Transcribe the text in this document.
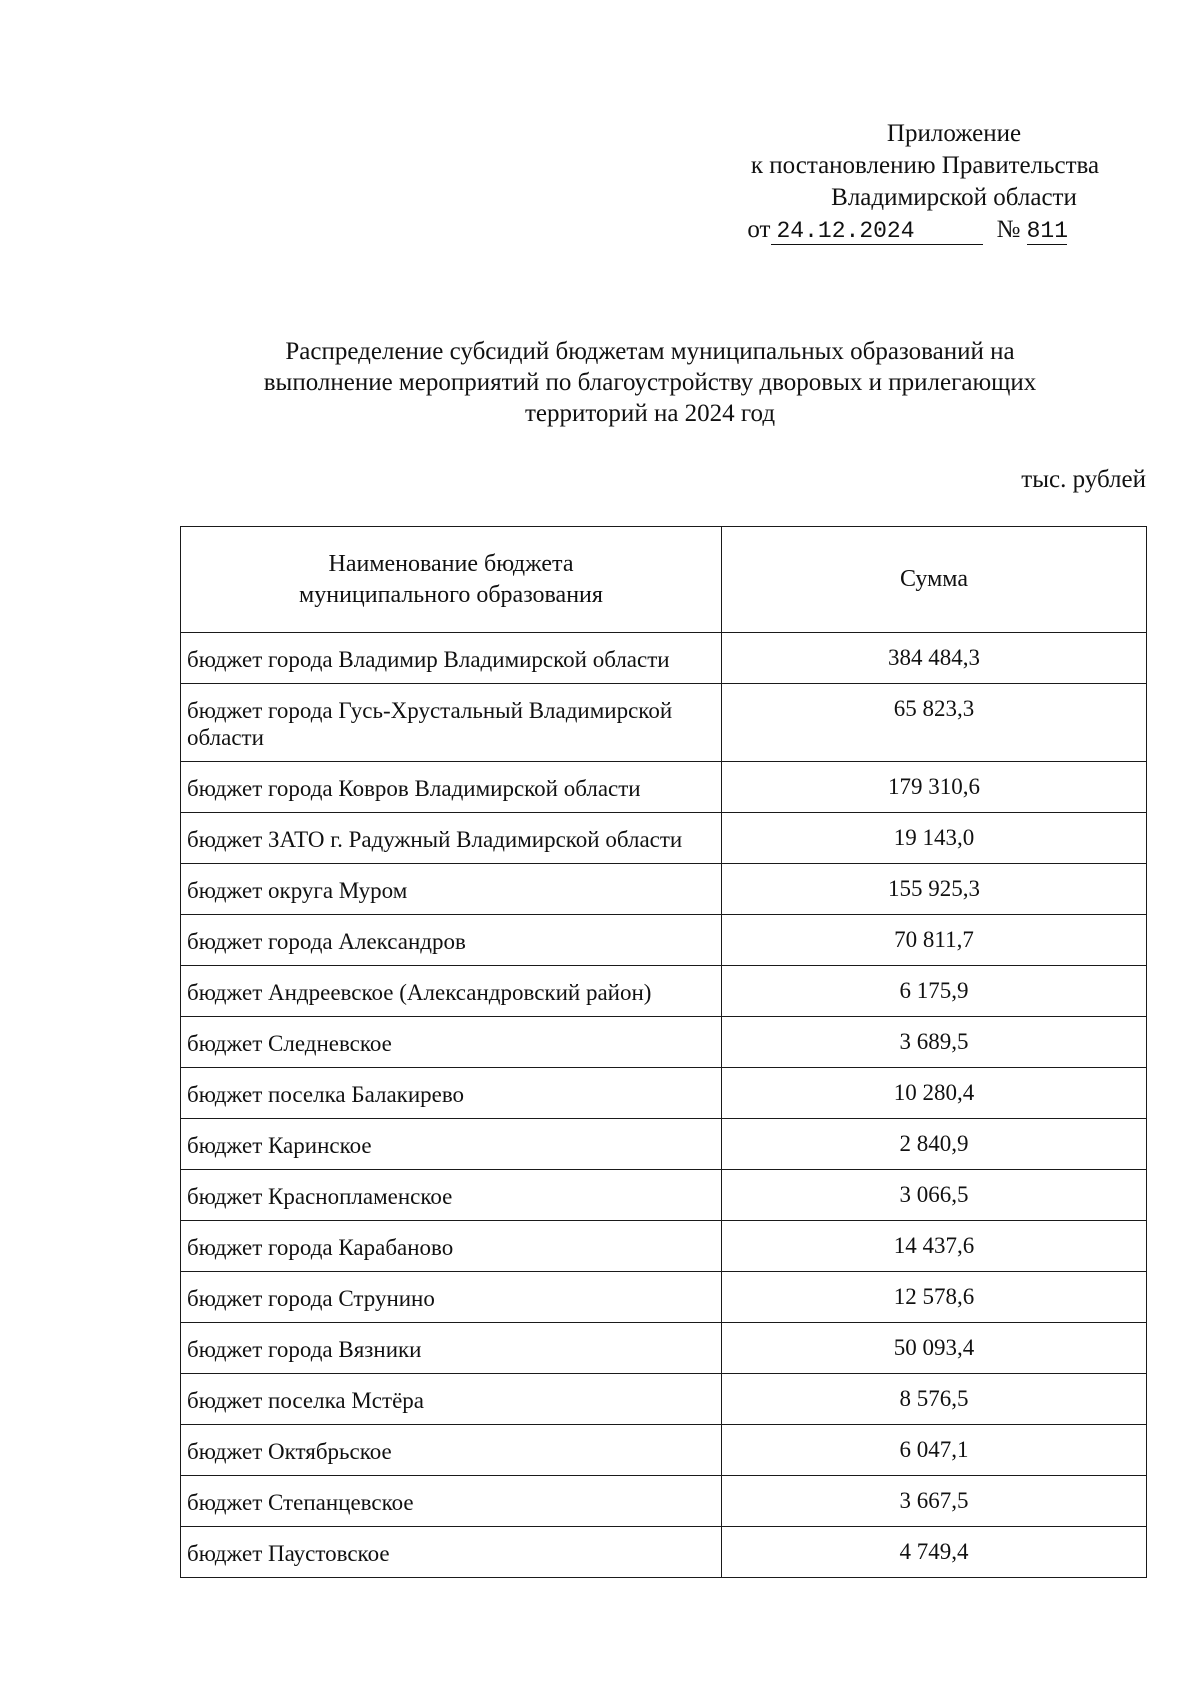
Приложение
к постановлению Правительства
Владимирской области
от 24.12.2024	№ 811
Распределение субсидий бюджетам муниципальных образований на
выполнение мероприятий по благоустройству дворовых и прилегающих
территорий на 2024 год
тыс. рублей
Наименование бюджета
муниципального образования	Сумма
бюджет города Владимир Владимирской области	384 484,3
бюджет города Гусь-Хрустальный Владимирской области	65 823,3
бюджет города Ковров Владимирской области	179 310,6
бюджет ЗАТО г. Радужный Владимирской области	19 143,0
бюджет округа Муром	155 925,3
бюджет города Александров	70 811,7
бюджет Андреевское (Александровский район)	6 175,9
бюджет Следневское	3 689,5
бюджет поселка Балакирево	10 280,4
бюджет Каринское	2 840,9
бюджет Краснопламенское	3 066,5
бюджет города Карабаново	14 437,6
бюджет города Струнино	12 578,6
бюджет города Вязники	50 093,4
бюджет поселка Мстёра	8 576,5
бюджет Октябрьское	6 047,1
бюджет Степанцевское	3 667,5
бюджет Паустовское	4 749,4
